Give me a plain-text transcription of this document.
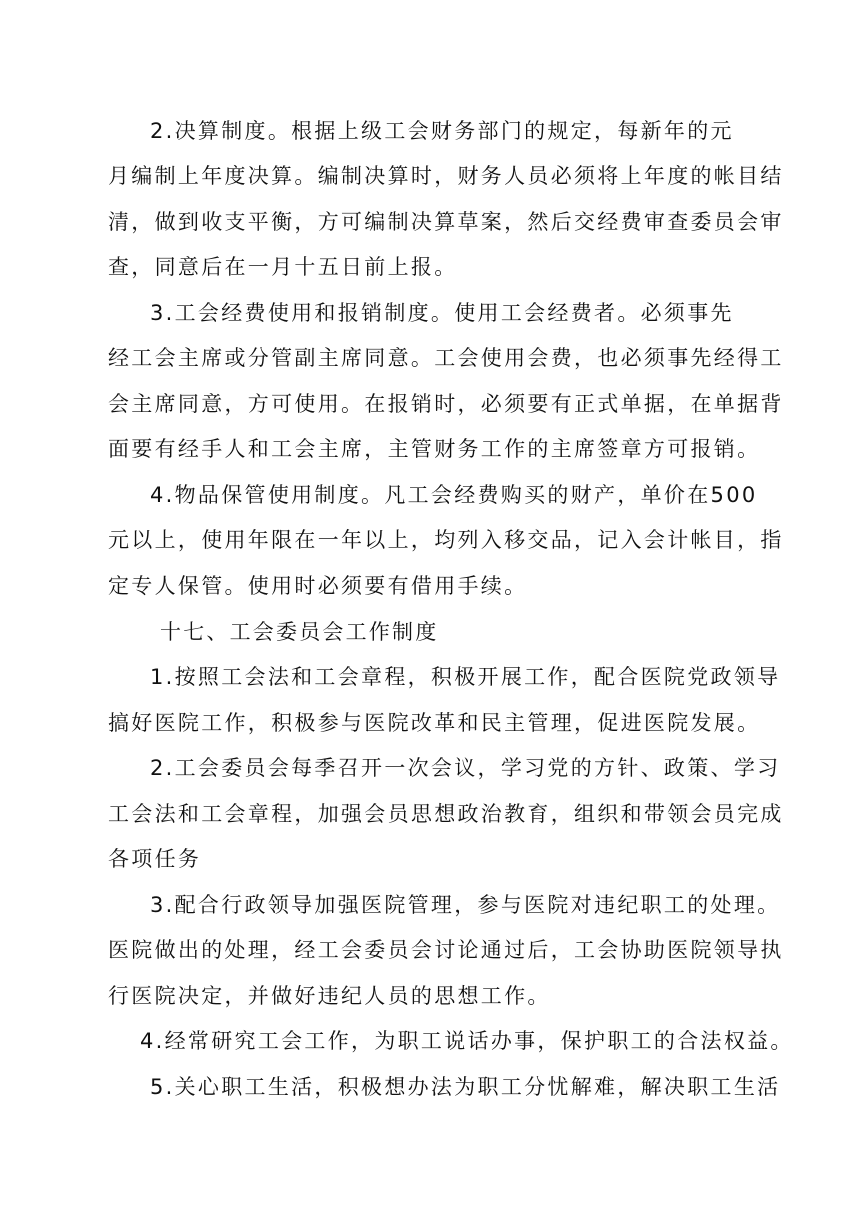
2.决算制度。根据上级工会财务部门的规定，每新年的元
月编制上年度决算。编制决算时，财务人员必须将上年度的帐目结
清，做到收支平衡，方可编制决算草案，然后交经费审查委员会审
查，同意后在一月十五日前上报。
3.工会经费使用和报销制度。使用工会经费者。必须事先
经工会主席或分管副主席同意。工会使用会费，也必须事先经得工
会主席同意，方可使用。在报销时，必须要有正式单据，在单据背
面要有经手人和工会主席，主管财务工作的主席签章方可报销。
4.物品保管使用制度。凡工会经费购买的财产，单价在500
元以上，使用年限在一年以上，均列入移交品，记入会计帐目，指
定专人保管。使用时必须要有借用手续。
十七、工会委员会工作制度
1.按照工会法和工会章程，积极开展工作，配合医院党政领导
搞好医院工作，积极参与医院改革和民主管理，促进医院发展。
2.工会委员会每季召开一次会议，学习党的方针、政策、学习
工会法和工会章程，加强会员思想政治教育，组织和带领会员完成
各项任务
3.配合行政领导加强医院管理，参与医院对违纪职工的处理。
医院做出的处理，经工会委员会讨论通过后，工会协助医院领导执
行医院决定，并做好违纪人员的思想工作。
4.经常研究工会工作，为职工说话办事，保护职工的合法权益。
5.关心职工生活，积极想办法为职工分忧解难，解决职工生活
